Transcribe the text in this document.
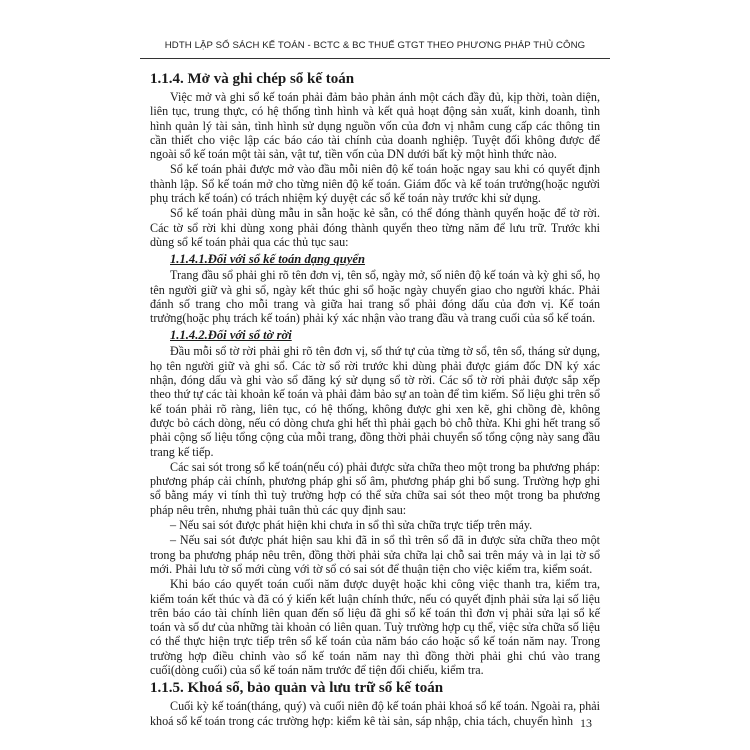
HDTH LẬP SỔ SÁCH KẾ TOÁN - BCTC & BC THUẾ GTGT THEO PHƯƠNG PHÁP THỦ CÔNG
1.1.4. Mở và ghi chép sổ kế toán

Việc mở và ghi sổ kế toán phải đảm bảo phản ánh một cách đầy đủ, kịp thời, toàn diện, liên tục, trung thực, có hệ thống tình hình và kết quả hoạt động sản xuất, kinh doanh, tình hình quản lý tài sản, tình hình sử dụng nguồn vốn của đơn vị nhằm cung cấp các thông tin cần thiết cho việc lập các báo cáo tài chính của doanh nghiệp. Tuyệt đối không được để ngoài sổ kế toán một tài sản, vật tư, tiền vốn của DN dưới bất kỳ một hình thức nào.

Sổ kế toán phải được mở vào đầu mỗi niên độ kế toán hoặc ngay sau khi có quyết định thành lập. Sổ kế toán mở cho từng niên độ kế toán. Giám đốc và kế toán trưởng(hoặc người phụ trách kế toán) có trách nhiệm ký duyệt các sổ kế toán này trước khi sử dụng.

Sổ kế toán phải dùng mẫu in sẵn hoặc kẻ sẵn, có thể đóng thành quyển hoặc để tờ rời. Các tờ sổ rời khi dùng xong phải đóng thành quyển theo từng năm để lưu trữ. Trước khi dùng sổ kế toán phải qua các thủ tục sau:

1.1.4.1.Đối với sổ kế toán dạng quyển

Trang đầu sổ phải ghi rõ tên đơn vị, tên sổ, ngày mở, số niên độ kế toán và kỳ ghi sổ, họ tên người giữ và ghi sổ, ngày kết thúc ghi sổ hoặc ngày chuyển giao cho người khác. Phải đánh số trang cho mỗi trang và giữa hai trang sổ phải đóng dấu của đơn vị. Kế toán trưởng(hoặc phụ trách kế toán) phải ký xác nhận vào trang đầu và trang cuối của sổ kế toán.

1.1.4.2.Đối với sổ tờ rời

Đầu mỗi sổ tờ rời phải ghi rõ tên đơn vị, số thứ tự của từng tờ sổ, tên sổ, tháng sử dụng, họ tên người giữ và ghi sổ. Các tờ sổ rời trước khi dùng phải được giám đốc DN ký xác nhận, đóng dấu và ghi vào sổ đăng ký sử dụng sổ tờ rời. Các sổ tờ rời phải được sắp xếp theo thứ tự các tài khoản kế toán và phải đảm bảo sự an toàn để tìm kiếm. Số liệu ghi trên sổ kế toán phải rõ ràng, liên tục, có hệ thống, không được ghi xen kẽ, ghi chồng đè, không được bỏ cách dòng, nếu có dòng chưa ghi hết thì phải gạch bỏ chỗ thừa. Khi ghi hết trang sổ phải cộng số liệu tổng cộng của mỗi trang, đồng thời phải chuyển số tổng cộng này sang đầu trang kế tiếp.

Các sai sót trong sổ kế toán(nếu có) phải được sửa chữa theo một trong ba phương pháp: phương pháp cải chính, phương pháp ghi số âm, phương pháp ghi bổ sung. Trường hợp ghi sổ bằng máy vi tính thì tuỳ trường hợp có thể sửa chữa sai sót theo một trong ba phương pháp nêu trên, nhưng phải tuân thủ các quy định sau:

– Nếu sai sót được phát hiện khi chưa in sổ thì sửa chữa trực tiếp trên máy.

– Nếu sai sót được phát hiện sau khi đã in sổ thì trên sổ đã in được sửa chữa theo một trong ba phương pháp nêu trên, đồng thời phải sửa chữa lại chỗ sai trên máy và in lại tờ sổ mới. Phải lưu tờ sổ mới cùng với tờ sổ có sai sót để thuận tiện cho việc kiểm tra, kiểm soát.

Khi báo cáo quyết toán cuối năm được duyệt hoặc khi công việc thanh tra, kiểm tra, kiểm toán kết thúc và đã có ý kiến kết luận chính thức, nếu có quyết định phải sửa lại số liệu trên báo cáo tài chính liên quan đến số liệu đã ghi sổ kế toán thì đơn vị phải sửa lại sổ kế toán và số dư của những tài khoản có liên quan. Tuỳ trường hợp cụ thể, việc sửa chữa số liệu có thể thực hiện trực tiếp trên sổ kế toán của năm báo cáo hoặc sổ kế toán năm nay. Trong trường hợp điều chỉnh vào sổ kế toán năm nay thì đồng thời phải ghi chú vào trang cuối(dòng cuối) của sổ kế toán năm trước để tiện đối chiếu, kiểm tra.

1.1.5. Khoá sổ, bảo quản và lưu trữ sổ kế toán

Cuối kỳ kế toán(tháng, quý) và cuối niên độ kế toán phải khoá sổ kế toán. Ngoài ra, phải khoá sổ kế toán trong các trường hợp: kiểm kê tài sản, sáp nhập, chia tách, chuyển hình 13
